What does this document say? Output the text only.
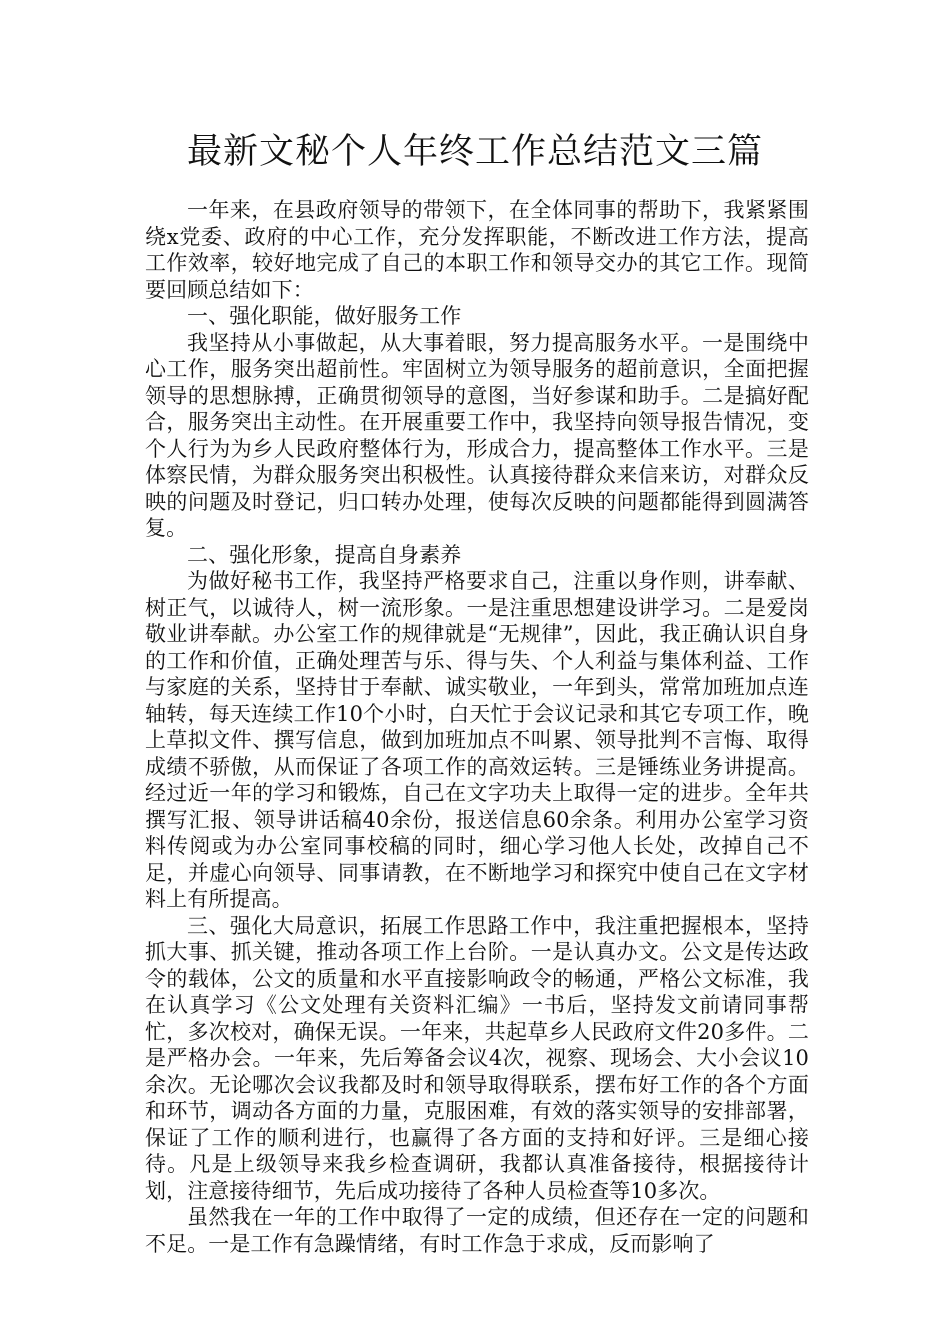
最新文秘个人年终工作总结范文三篇

一年来，在县政府领导的带领下，在全体同事的帮助下，我紧紧围绕x党委、政府的中心工作，充分发挥职能，不断改进工作方法，提高工作效率，较好地完成了自己的本职工作和领导交办的其它工作。现简要回顾总结如下：

一、强化职能，做好服务工作

我坚持从小事做起，从大事着眼，努力提高服务水平。一是围绕中心工作，服务突出超前性。牢固树立为领导服务的超前意识，全面把握领导的思想脉搏，正确贯彻领导的意图，当好参谋和助手。二是搞好配合，服务突出主动性。在开展重要工作中，我坚持向领导报告情况，变个人行为为乡人民政府整体行为，形成合力，提高整体工作水平。三是体察民情，为群众服务突出积极性。认真接待群众来信来访，对群众反映的问题及时登记，归口转办处理，使每次反映的问题都能得到圆满答复。

二、强化形象，提高自身素养

为做好秘书工作，我坚持严格要求自己，注重以身作则，讲奉献、树正气，以诚待人，树一流形象。一是注重思想建设讲学习。二是爱岗敬业讲奉献。办公室工作的规律就是“无规律”，因此，我正确认识自身的工作和价值，正确处理苦与乐、得与失、个人利益与集体利益、工作与家庭的关系，坚持甘于奉献、诚实敬业，一年到头，常常加班加点连轴转，每天连续工作10个小时，白天忙于会议记录和其它专项工作，晚上草拟文件、撰写信息，做到加班加点不叫累、领导批判不言悔、取得成绩不骄傲，从而保证了各项工作的高效运转。三是锤练业务讲提高。经过近一年的学习和锻炼，自己在文字功夫上取得一定的进步。全年共撰写汇报、领导讲话稿40余份，报送信息60余条。利用办公室学习资料传阅或为办公室同事校稿的同时，细心学习他人长处，改掉自己不足，并虚心向领导、同事请教，在不断地学习和探究中使自己在文字材料上有所提高。

三、强化大局意识，拓展工作思路工作中，我注重把握根本，坚持抓大事、抓关键，推动各项工作上台阶。一是认真办文。公文是传达政令的载体，公文的质量和水平直接影响政令的畅通，严格公文标准，我在认真学习《公文处理有关资料汇编》一书后，坚持发文前请同事帮忙，多次校对，确保无误。一年来，共起草乡人民政府文件20多件。二是严格办会。一年来，先后筹备会议4次，视察、现场会、大小会议10余次。无论哪次会议我都及时和领导取得联系，摆布好工作的各个方面和环节，调动各方面的力量，克服困难，有效的落实领导的安排部署，保证了工作的顺利进行，也赢得了各方面的支持和好评。三是细心接待。凡是上级领导来我乡检查调研，我都认真准备接待，根据接待计划，注意接待细节，先后成功接待了各种人员检查等10多次。

虽然我在一年的工作中取得了一定的成绩，但还存在一定的问题和不足。一是工作有急躁情绪，有时工作急于求成，反而影响了
